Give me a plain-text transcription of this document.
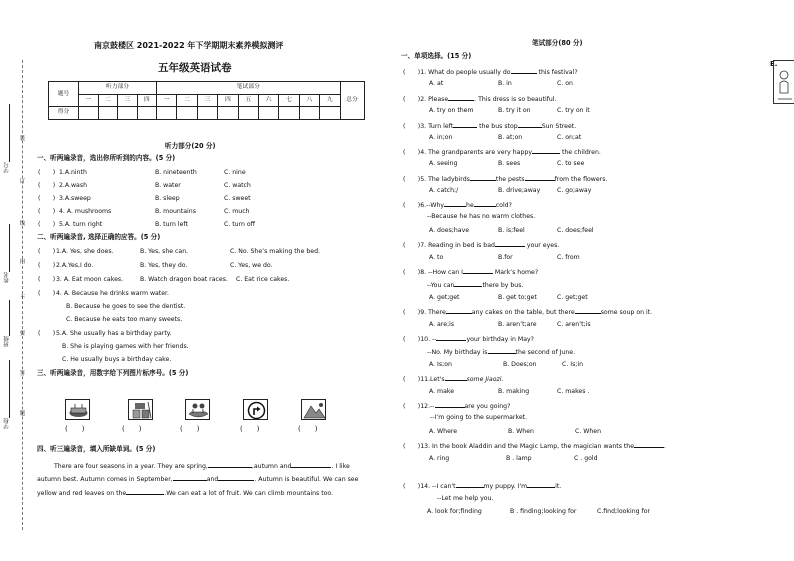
学号
姓名
班级
学校
装
订
线
内
不
要
答
题
南京鼓楼区 2021-2022 年下学期期末素养模拟测评
五年级英语试卷
题号	听力部分				笔试部分									总分
	一	二	三	四	一	二	三	四	五	六	七	八	九	
得分														
听力部分(20 分)
一、听两遍录音，选出你所听到的内容。(5 分)
(　　) 1.A.ninth	B. nineteenth	C. nine
(　　) 2.A.wash	B. water	C. watch
(　　) 3.A.sweep	B. sleep	C. sweet
(　　) 4. A. mushrooms	B. mountains	C. much
(　　) 5.A. turn right	B. turn left	C. turn off
二、听两遍录音, 选择正确的应答。(5 分)
(　　) 1.A. Yes, she does.	B. Yes, she can.	C. No. She’s making the bed.
(　　) 2.A.Yes,I do.	B. Yes, they do.	C. Yes, we do.
(　　) 3. A. Eat moon cakes.	B. Watch dragon boat races. C. Eat rice cakes.
(　　) 4. A. Because he drinks warm water.
B. Because he goes to see the dentist.
C. Because he eats too many sweets.
(　　) 5.A. She usually has a birthday party.
B. She is playing games with her friends.
C. He usually buys a birthday cake.
三、听两遍录音，用数字给下列图片标序号。(5 分)
(　　)	(　　)	(　　)	(　　)	(　　)
四、听三遍录音，填入所缺单词。(5 分)
There are four seasons in a year. They are spring,	,autumn and	. I like
autumn best. Autumn comes in September,	and	. Autumn is beautiful. We can see
yellow and red leaves on the	.We can eat a lot of fruit. We can climb mountains too.
笔试部分(80 分)
一、单项选择。(15 分)
(　　)1. What do people usually do	this festival?
A. at	B. in	C. on
(　　)2. Please	. This dress is so beautiful.
A. try on them	B. try it on	C. try on it
(　　)3. Turn left	the bus stop	Sun Street.
A. in;on	B. at;on	C. on;at
(　　)4. The grandparents are very happy	the children.
A. seeing	B. sees	C. to see
(　　)5. The ladybirds	the pests	from the flowers.
A. catch;/	B. drive;away	C. go;away
(　　)6.--Why	he	cold?
--Because he has no warm clothes.
A. does;have	B. is;feel	C. does;feel
(　　)7. Reading in bed is bad	your eyes.
A. to	B.for	C. from
(　　)8. --How can I	Mark’s home?
--You can	there by bus.
A. get;get	B. get to;get	C. get;get
(　　)9. There	any cakes on the table, but there	some soup on it.
A. are;is	B. aren’t;are	C. aren’t;is
(　　)10. --	your birthday in May?
--No. My birthday is	the second of June.
A. Is;on	B. Does;on	C. Is;in
(　　)11.Let's	some Jiaozi.
A. make	B. making	C. makes .
(　　)12.--	are you going?
--I’m going to the supermarket.
A. Where	B. When	C. When
(　　)13. In the book Aladdin and the Magic Lamp, the magician wants the	.
A. ring	B . lamp	C . gold
(　　)14. --I can't	my puppy. I'm	it.
--Let me help you.
A. look for;finding	B . finding;looking for	C.find;looking for
E.
